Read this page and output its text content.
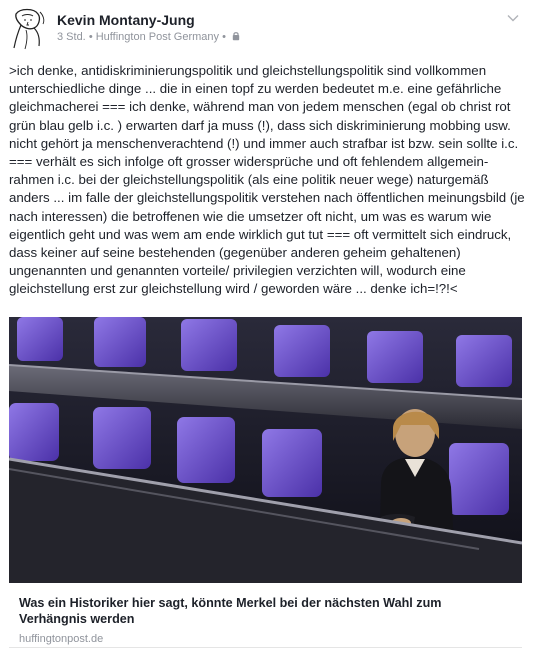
Kevin Montany-Jung
3 Std. • Huffington Post Germany •
>ich denke, antidiskriminierungspolitik und gleichstellungspolitik sind vollkommen unterschiedliche dinge ... die in einen topf zu werden bedeutet m.e. eine gefährliche gleichmacherei === ich denke, während man von jedem menschen (egal ob christ rot grün blau gelb i.c. ) erwarten darf ja muss (!), dass sich diskriminierung mobbing usw. nicht gehört ja menschenverachtend (!) und immer auch strafbar ist bzw. sein sollte i.c. === verhält es sich infolge oft grosser widersprüche und oft fehlendem allgemein- rahmen i.c. bei der gleichstellungspolitik (als eine politik neuer wege) naturgemäß anders ... im falle der gleichstellungspolitik verstehen nach öffentlichen meinungsbild (je nach interessen) die betroffenen wie die umsetzer oft nicht, um was es warum wie eigentlich geht und was wem am ende wirklich gut tut === oft vermittelt sich eindruck, dass keiner auf seine bestehenden (gegenüber anderen geheim gehaltenen) ungenannten und genannten vorteile/ privilegien verzichten will, wodurch eine gleichstellung erst zur gleichstellung wird / geworden wäre ... denke ich=!?!<
Was ein Historiker hier sagt, könnte Merkel bei der nächsten Wahl zum Verhängnis werden
huffingtonpost.de
